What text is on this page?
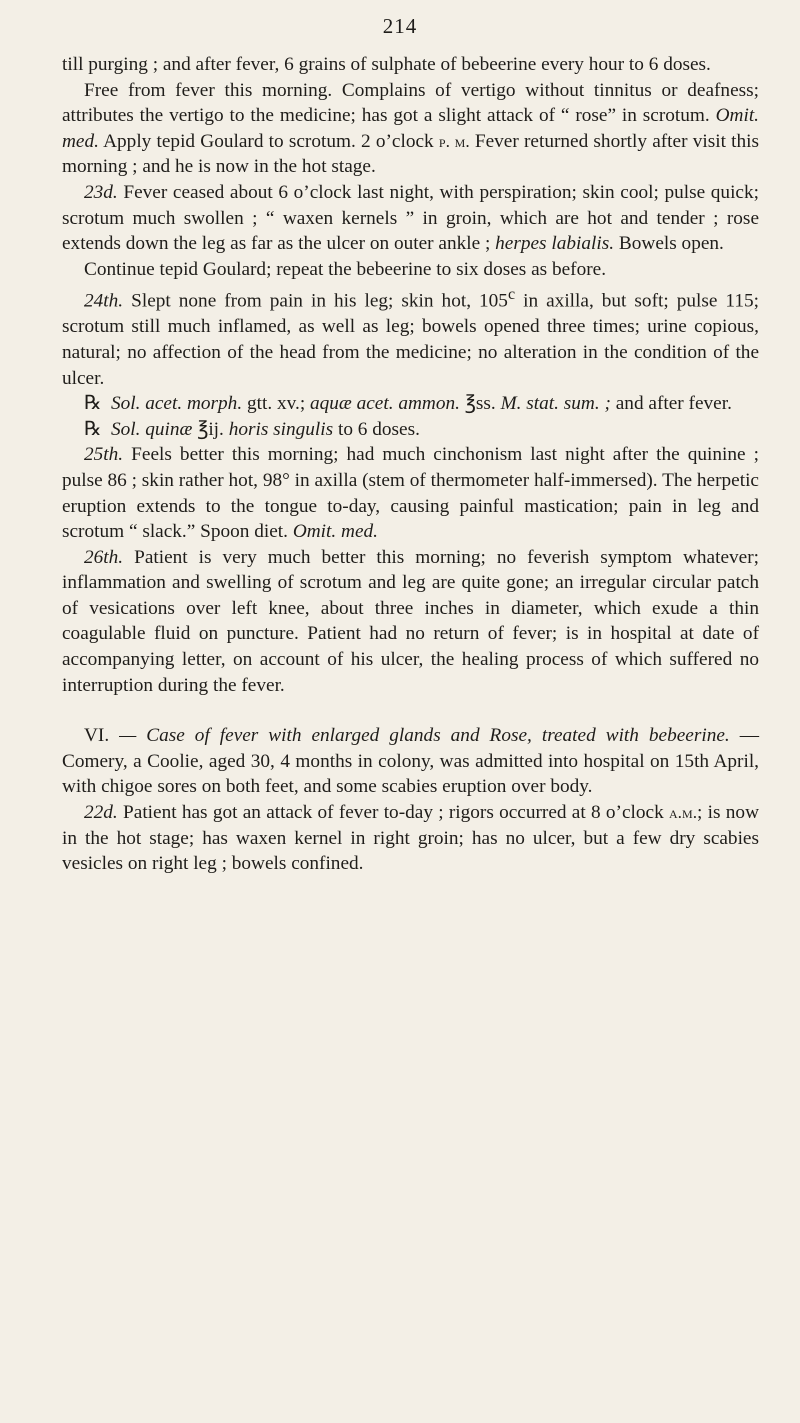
214

till purging ; and after fever, 6 grains of sulphate of bebeerine every hour to 6 doses.

Free from fever this morning. Complains of vertigo without tinnitus or deafness; attributes the vertigo to the medicine; has got a slight attack of “ rose” in scrotum. Omit. med. Apply tepid Goulard to scrotum. 2 o’clock p. m. Fever returned shortly after visit this morning ; and he is now in the hot stage.

23d. Fever ceased about 6 o’clock last night, with perspiration; skin cool; pulse quick; scrotum much swollen ; “ waxen kernels ” in groin, which are hot and tender ; rose extends down the leg as far as the ulcer on outer ankle ; herpes labialis. Bowels open.

Continue tepid Goulard; repeat the bebeerine to six doses as before.

24th. Slept none from pain in his leg; skin hot, 105$^c$ in axilla, but soft; pulse 115; scrotum still much inflamed, as well as leg; bowels opened three times; urine copious, natural; no affection of the head from the medicine; no alteration in the condition of the ulcer.

℞ Sol. acet. morph. gtt. xv.; aquæ acet. ammon. ℥ss. M. stat. sum. ; and after fever.

℞ Sol. quinæ ℥ij. horis singulis to 6 doses.

25th. Feels better this morning; had much cinchonism last night after the quinine ; pulse 86 ; skin rather hot, 98° in axilla (stem of thermometer half-immersed). The herpetic eruption extends to the tongue to-day, causing painful mastication; pain in leg and scrotum “ slack.” Spoon diet. Omit. med.

26th. Patient is very much better this morning; no feverish symptom whatever; inflammation and swelling of scrotum and leg are quite gone; an irregular circular patch of vesications over left knee, about three inches in diameter, which exude a thin coagulable fluid on puncture. Patient had no return of fever; is in hospital at date of accompanying letter, on account of his ulcer, the healing process of which suffered no interruption during the fever.

VI. — Case of fever with enlarged glands and Rose, treated with bebeerine. — Comery, a Coolie, aged 30, 4 months in colony, was admitted into hospital on 15th April, with chigoe sores on both feet, and some scabies eruption over body.

22d. Patient has got an attack of fever to-day ; rigors occurred at 8 o’clock a.m.; is now in the hot stage; has waxen kernel in right groin; has no ulcer, but a few dry scabies vesicles on right leg ; bowels confined.
